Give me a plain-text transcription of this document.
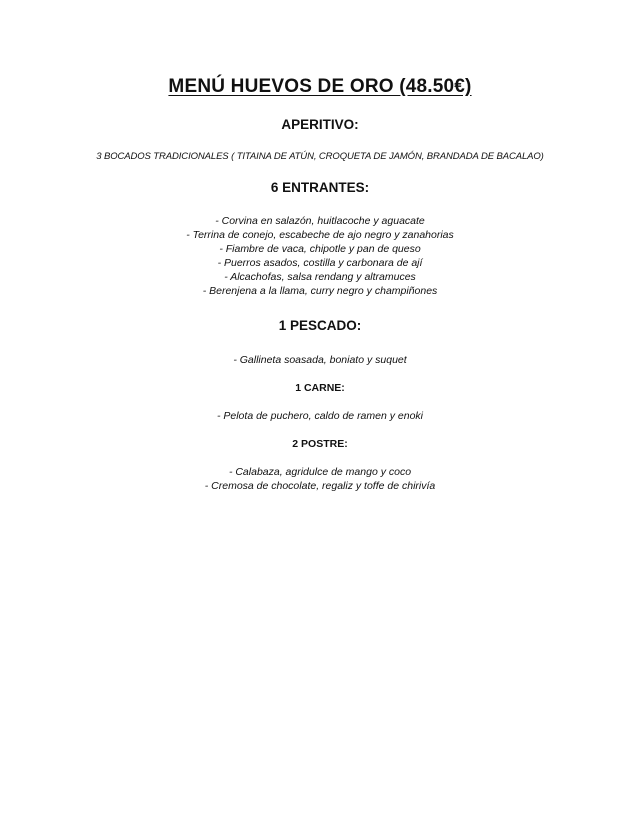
MENÚ HUEVOS DE ORO (48.50€)
APERITIVO:
3 BOCADOS TRADICIONALES ( TITAINA DE ATÚN, CROQUETA DE JAMÓN, BRANDADA DE BACALAO)
6 ENTRANTES:
- Corvina en salazón, huitlacoche y aguacate
- Terrina de conejo, escabeche de ajo negro y zanahorias
- Fiambre de vaca, chipotle y pan de queso
- Puerros asados, costilla y carbonara de ají
- Alcachofas, salsa rendang y altramuces
- Berenjena a la llama, curry negro y champiñones
1 PESCADO:
- Gallineta soasada, boniato y suquet
1 CARNE:
- Pelota de puchero, caldo de ramen y enoki
2 POSTRE:
- Calabaza, agridulce de mango y coco
- Cremosa de chocolate, regaliz y toffe de chirivía
